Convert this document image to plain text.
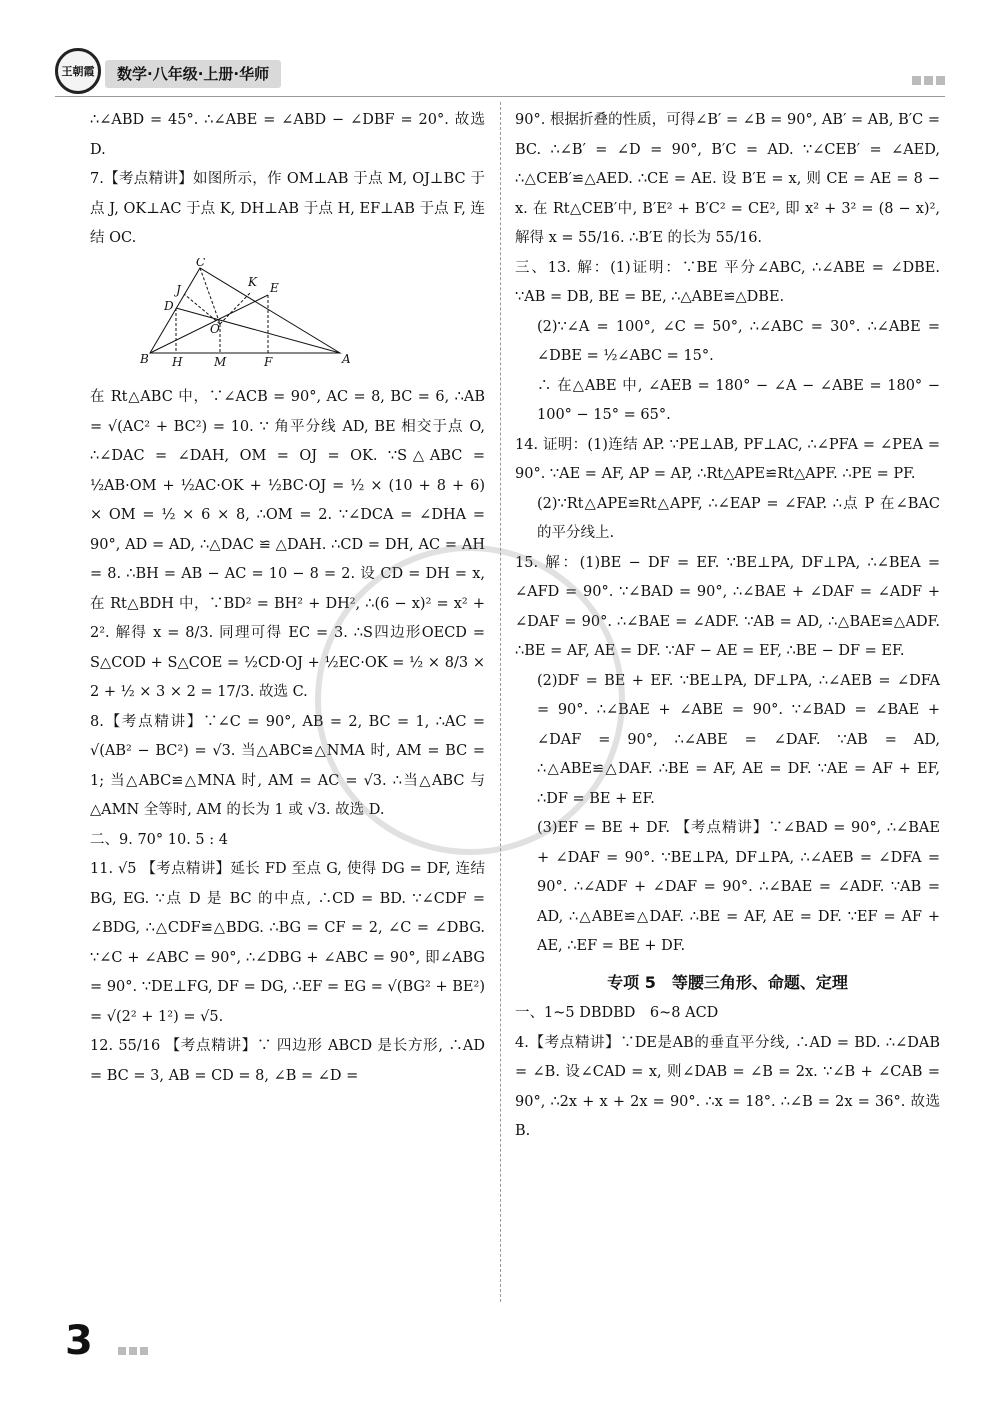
王朝霞	数学·八年级·上册·华师

∴∠ABD = 45°. ∴∠ABE = ∠ABD − ∠DBF = 20°. 故选 D.

7.【考点精讲】如图所示，作 OM⊥AB 于点 M, OJ⊥BC 于点 J, OK⊥AC 于点 K, DH⊥AB 于点 H, EF⊥AB 于点 F, 连结 OC.

C
K E
J
D
O
B H	M	F	A

在 Rt△ABC 中，∵∠ACB = 90°, AC = 8, BC = 6, ∴AB = √(AC² + BC²) = 10. ∵ 角平分线 AD, BE 相交于点 O, ∴∠DAC = ∠DAH, OM = OJ = OK. ∵S△ABC = ½AB·OM + ½AC·OK + ½BC·OJ = ½ × (10 + 8 + 6) × OM = ½ × 6 × 8, ∴OM = 2. ∵∠DCA = ∠DHA = 90°, AD = AD, ∴△DAC ≌ △DAH. ∴CD = DH, AC = AH = 8. ∴BH = AB − AC = 10 − 8 = 2. 设 CD = DH = x, 在 Rt△BDH 中，∵BD² = BH² + DH², ∴(6 − x)² = x² + 2². 解得 x = 8/3. 同理可得 EC = 3. ∴S四边形OECD = S△COD + S△COE = ½CD·OJ + ½EC·OK = ½ × 8/3 × 2 + ½ × 3 × 2 = 17/3. 故选 C.

8.【考点精讲】∵∠C = 90°, AB = 2, BC = 1, ∴AC = √(AB² − BC²) = √3. 当△ABC≌△NMA 时, AM = BC = 1; 当△ABC≌△MNA 时, AM = AC = √3. ∴当△ABC 与△AMN 全等时, AM 的长为 1 或 √3. 故选 D.

二、9. 70° 10. 5 : 4

11. √5 【考点精讲】延长 FD 至点 G, 使得 DG = DF, 连结 BG, EG. ∵点 D 是 BC 的中点, ∴CD = BD. ∵∠CDF = ∠BDG, ∴△CDF≌△BDG. ∴BG = CF = 2, ∠C = ∠DBG. ∵∠C + ∠ABC = 90°, ∴∠DBG + ∠ABC = 90°, 即∠ABG = 90°. ∵DE⊥FG, DF = DG, ∴EF = EG = √(BG² + BE²) = √(2² + 1²) = √5.

12. 55/16 【考点精讲】∵ 四边形 ABCD 是长方形, ∴AD = BC = 3, AB = CD = 8, ∠B = ∠D =

90°. 根据折叠的性质，可得∠B′ = ∠B = 90°, AB′ = AB, B′C = BC. ∴∠B′ = ∠D = 90°, B′C = AD. ∵∠CEB′ = ∠AED, ∴△CEB′≌△AED. ∴CE = AE. 设 B′E = x, 则 CE = AE = 8 − x. 在 Rt△CEB′中, B′E² + B′C² = CE², 即 x² + 3² = (8 − x)², 解得 x = 55/16. ∴B′E 的长为 55/16.

三、13. 解：(1)证明：∵BE 平分∠ABC, ∴∠ABE = ∠DBE. ∵AB = DB, BE = BE, ∴△ABE≌△DBE.

(2)∵∠A = 100°, ∠C = 50°, ∴∠ABC = 30°. ∴∠ABE = ∠DBE = ½∠ABC = 15°.

∴ 在△ABE 中, ∠AEB = 180° − ∠A − ∠ABE = 180° − 100° − 15° = 65°.

14. 证明：(1)连结 AP. ∵PE⊥AB, PF⊥AC, ∴∠PFA = ∠PEA = 90°. ∵AE = AF, AP = AP, ∴Rt△APE≌Rt△APF. ∴PE = PF.

(2)∵Rt△APE≌Rt△APF, ∴∠EAP = ∠FAP. ∴点 P 在∠BAC 的平分线上.

15. 解：(1)BE − DF = EF. ∵BE⊥PA, DF⊥PA, ∴∠BEA = ∠AFD = 90°. ∵∠BAD = 90°, ∴∠BAE + ∠DAF = ∠ADF + ∠DAF = 90°. ∴∠BAE = ∠ADF. ∵AB = AD, ∴△BAE≌△ADF. ∴BE = AF, AE = DF. ∵AF − AE = EF, ∴BE − DF = EF.

(2)DF = BE + EF. ∵BE⊥PA, DF⊥PA, ∴∠AEB = ∠DFA = 90°. ∴∠BAE + ∠ABE = 90°. ∵∠BAD = ∠BAE + ∠DAF = 90°, ∴∠ABE = ∠DAF. ∵AB = AD, ∴△ABE≌△DAF. ∴BE = AF, AE = DF. ∵AE = AF + EF, ∴DF = BE + EF.

(3)EF = BE + DF. 【考点精讲】∵∠BAD = 90°, ∴∠BAE + ∠DAF = 90°. ∵BE⊥PA, DF⊥PA, ∴∠AEB = ∠DFA = 90°. ∴∠ADF + ∠DAF = 90°. ∴∠BAE = ∠ADF. ∵AB = AD, ∴△ABE≌△DAF. ∴BE = AF, AE = DF. ∵EF = AF + AE, ∴EF = BE + DF.

专项 5　等腰三角形、命题、定理

一、1~5 DBDBD　6~8 ACD

4.【考点精讲】∵DE是AB的垂直平分线, ∴AD = BD. ∴∠DAB = ∠B. 设∠CAD = x, 则∠DAB = ∠B = 2x. ∵∠B + ∠CAB = 90°, ∴2x + x + 2x = 90°. ∴x = 18°. ∴∠B = 2x = 36°. 故选 B.

3
